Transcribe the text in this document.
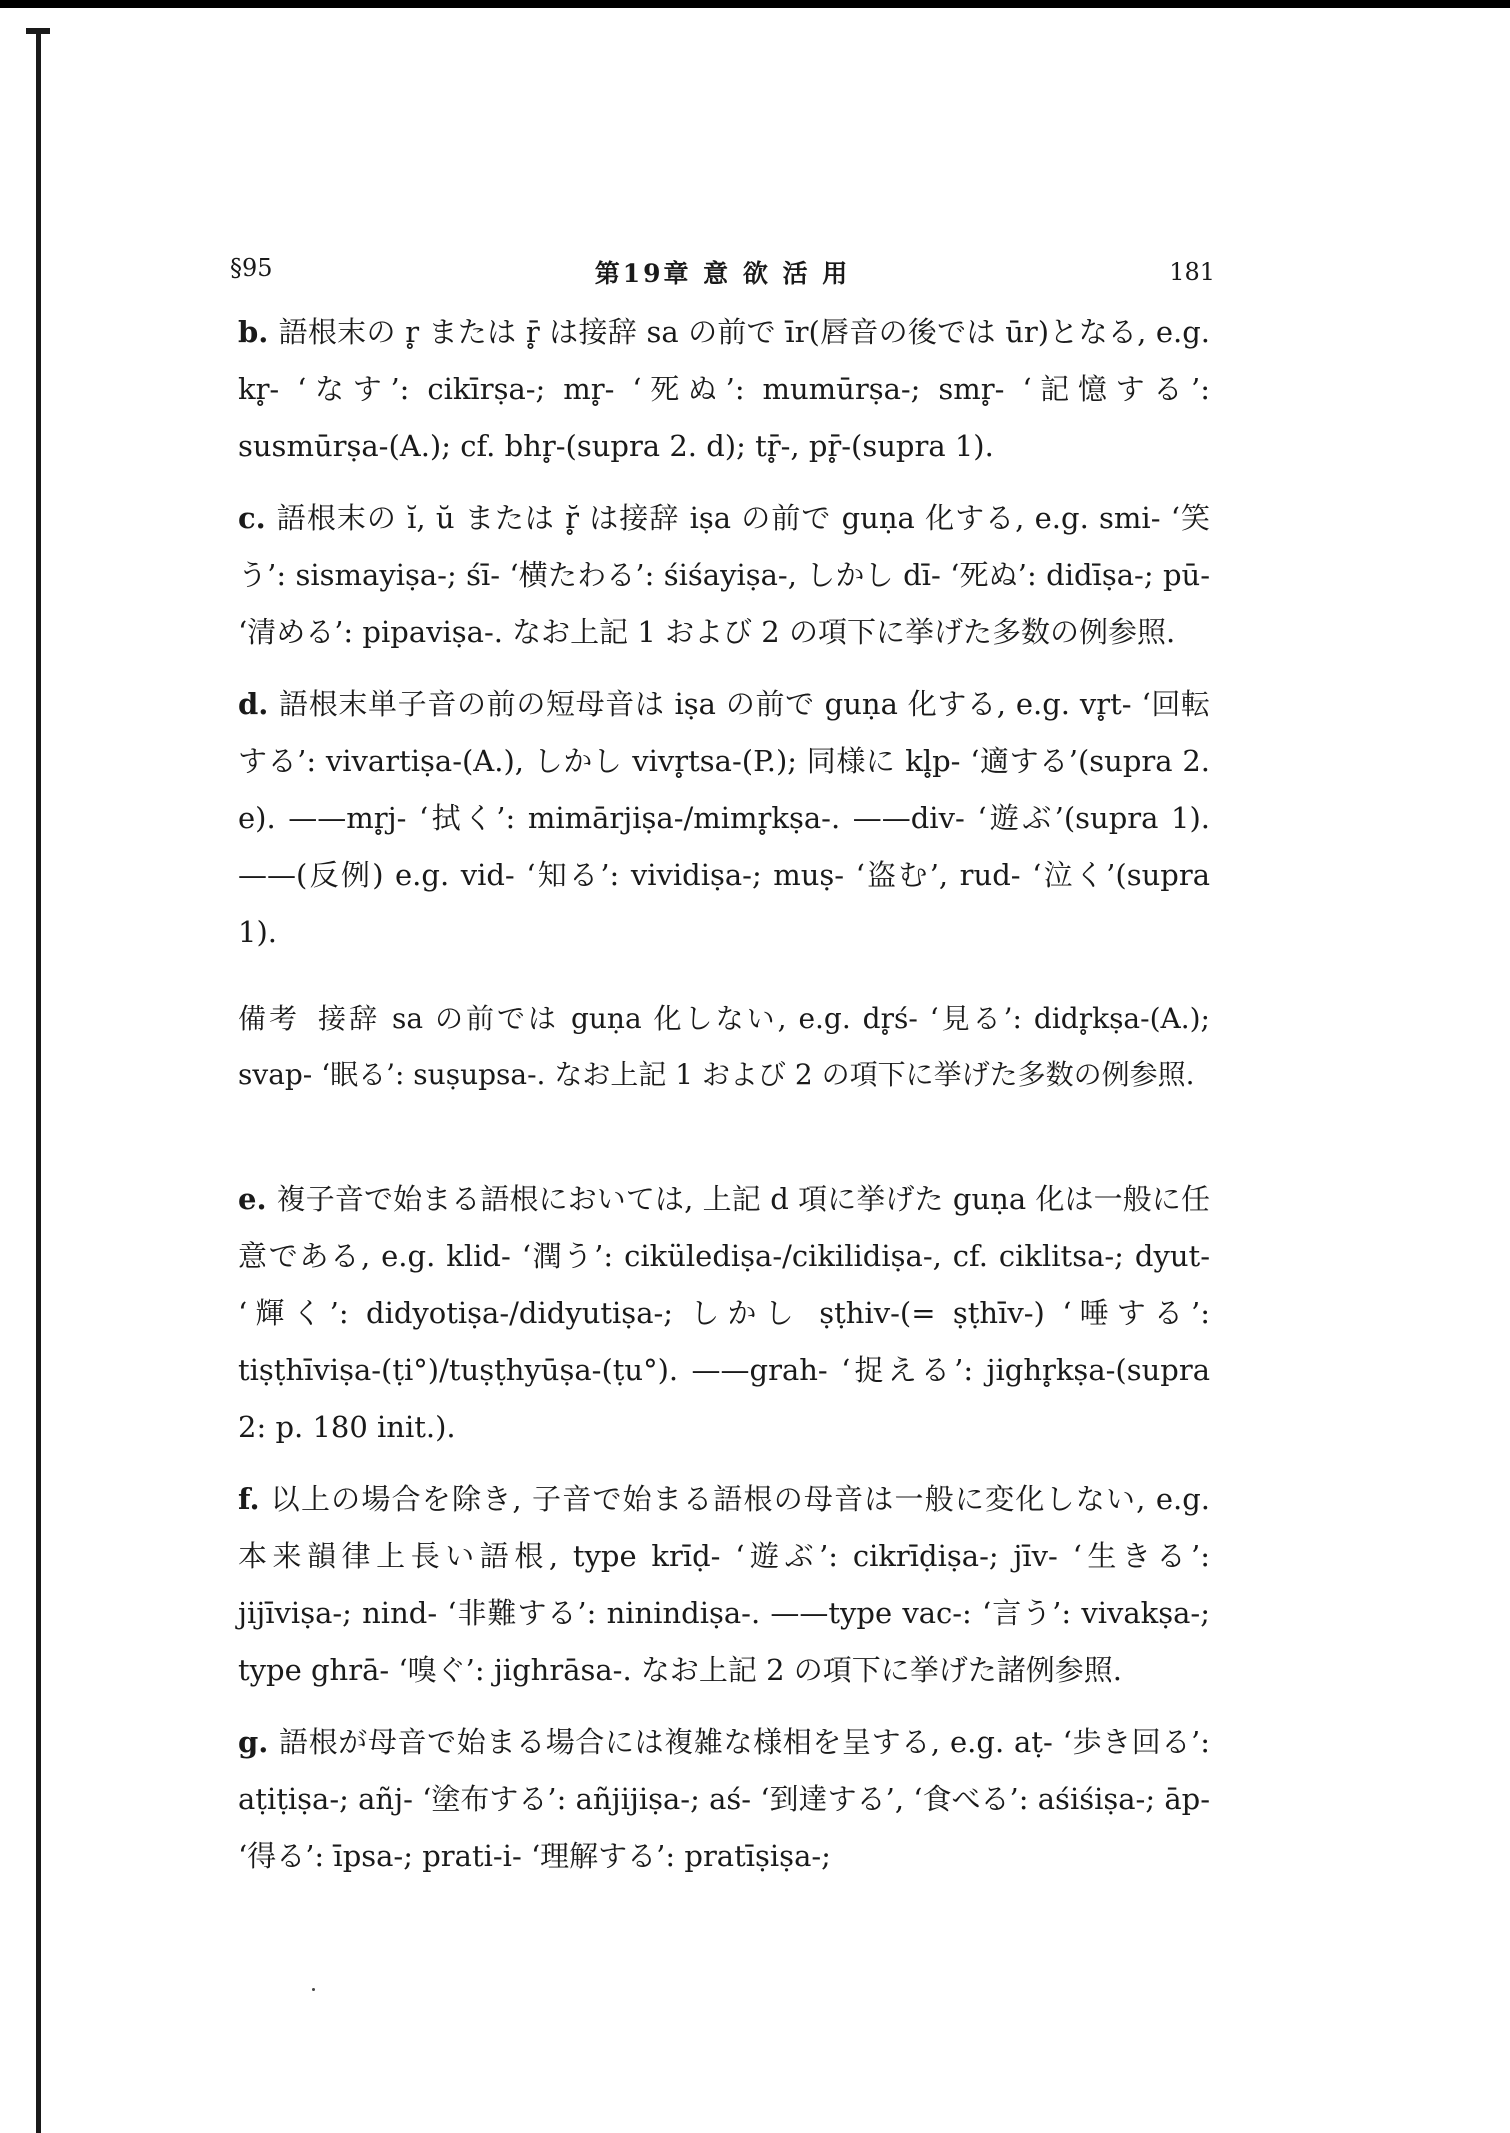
§95	第19章 意 欲 活 用	181

b. 語根末の r̥ または r̥̄ は接辞 sa の前で īr(唇音の後では ūr)となる, e.g. kr̥- ‘なす’: cikīrṣa-; mr̥- ‘死ぬ’: mumūrṣa-; smr̥- ‘記憶する’: susmūrṣa-(A.); cf. bhr̥-(supra 2. d); tr̥̄-, pr̥̄-(supra 1).

c. 語根末の ĭ, ŭ または r̥̆ は接辞 iṣa の前で guṇa 化する, e.g. smi- ‘笑う’: sismayiṣa-; śī- ‘横たわる’: śiśayiṣa-, しかし dī- ‘死ぬ’: didīṣa-; pū- ‘清める’: pipaviṣa-. なお上記 1 および 2 の項下に挙げた多数の例参照.

d. 語根末単子音の前の短母音は iṣa の前で guṇa 化する, e.g. vr̥t- ‘回転する’: vivartiṣa-(A.), しかし vivr̥tsa-(P.); 同様に kl̥p- ‘適する’(supra 2. e). ——mr̥j- ‘拭く’: mimārjiṣa-/mimr̥kṣa-. ——div- ‘遊ぶ’(supra 1). ——(反例) e.g. vid- ‘知る’: vividiṣa-; muṣ- ‘盗む’, rud- ‘泣く’(supra 1).

備考 接辞 sa の前では guṇa 化しない, e.g. dr̥ś- ‘見る’: didr̥kṣa-(A.); svap- ‘眠る’: suṣupsa-. なお上記 1 および 2 の項下に挙げた多数の例参照.

e. 複子音で始まる語根においては, 上記 d 項に挙げた guṇa 化は一般に任意である, e.g. klid- ‘潤う’: cikülediṣa-/cikilidiṣa-, cf. ciklitsa-; dyut- ‘輝く’: didyotiṣa-/didyutiṣa-; しかし ṣṭhiv-(= ṣṭhīv-) ‘唾する’: tiṣṭhīviṣa-(ṭi°)/tuṣṭhyūṣa-(ṭu°). ——grah- ‘捉える’: jighr̥kṣa-(supra 2: p. 180 init.).

f. 以上の場合を除き, 子音で始まる語根の母音は一般に変化しない, e.g. 本来韻律上長い語根, type krīḍ- ‘遊ぶ’: cikrīḍiṣa-; jīv- ‘生きる’: jijīviṣa-; nind- ‘非難する’: ninindiṣa-. ——type vac-: ‘言う’: vivakṣa-; type ghrā- ‘嗅ぐ’: jighrāsa-. なお上記 2 の項下に挙げた諸例参照.

g. 語根が母音で始まる場合には複雑な様相を呈する, e.g. aṭ- ‘歩き回る’: aṭiṭiṣa-; añj- ‘塗布する’: añjijiṣa-; aś- ‘到達する’, ‘食べる’: aśiśiṣa-; āp- ‘得る’: īpsa-; prati-i- ‘理解する’: pratīṣiṣa-;
